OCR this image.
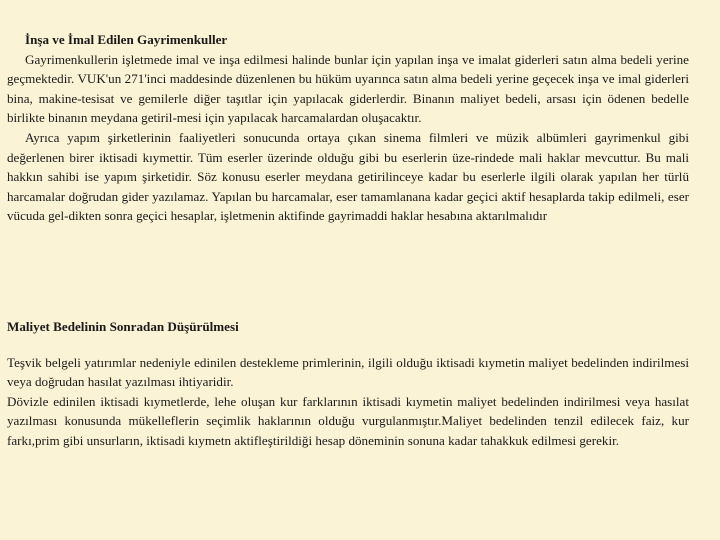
İnşa ve İmal Edilen Gayrimenkuller

Gayrimenkullerin işletmede imal ve inşa edilmesi halinde bunlar için yapılan inşa ve imalat giderleri satın alma bedeli yerine geçmektedir. VUK'un 271'inci maddesinde düzenlenen bu hüküm uyarınca satın alma bedeli yerine geçecek inşa ve imal giderleri bina, makine-tesisat ve gemilerle diğer taşıtlar için yapılacak giderlerdir. Binanın maliyet bedeli, arsası için ödenen bedelle birlikte binanın meydana getiril-mesi için yapılacak harcamalardan oluşacaktır.

Ayrıca yapım şirketlerinin faaliyetleri sonucunda ortaya çıkan sinema filmleri ve müzik albümleri gayrimenkul gibi değerlenen birer iktisadi kıymettir. Tüm eserler üzerinde olduğu gibi bu eserlerin üze-rindede mali haklar mevcuttur. Bu mali hakkın sahibi ise yapım şirketidir. Söz konusu eserler meydana getirilinceye kadar bu eserlerle ilgili olarak yapılan her türlü harcamalar doğrudan gider yazılamaz. Yapılan bu harcamalar, eser tamamlanana kadar geçici aktif hesaplarda takip edilmeli, eser vücuda gel-dikten sonra geçici hesaplar, işletmenin aktifinde gayrimaddi haklar hesabına aktarılmalıdır

Maliyet Bedelinin Sonradan Düşürülmesi

Teşvik belgeli yatırımlar nedeniyle edinilen destekleme primlerinin, ilgili olduğu iktisadi kıymetin maliyet bedelinden indirilmesi veya doğrudan hasılat yazılması ihtiyaridir.

Dövizle edinilen iktisadi kıymetlerde, lehe oluşan kur farklarının iktisadi kıymetin maliyet bedelinden indirilmesi veya hasılat yazılması konusunda mükelleflerin seçimlik haklarının olduğu vurgulanmıştır.Maliyet bedelinden tenzil edilecek faiz, kur farkı,prim gibi unsurların, iktisadi kıymetn aktifleştirildiği hesap döneminin sonuna kadar tahakkuk edilmesi gerekir.
